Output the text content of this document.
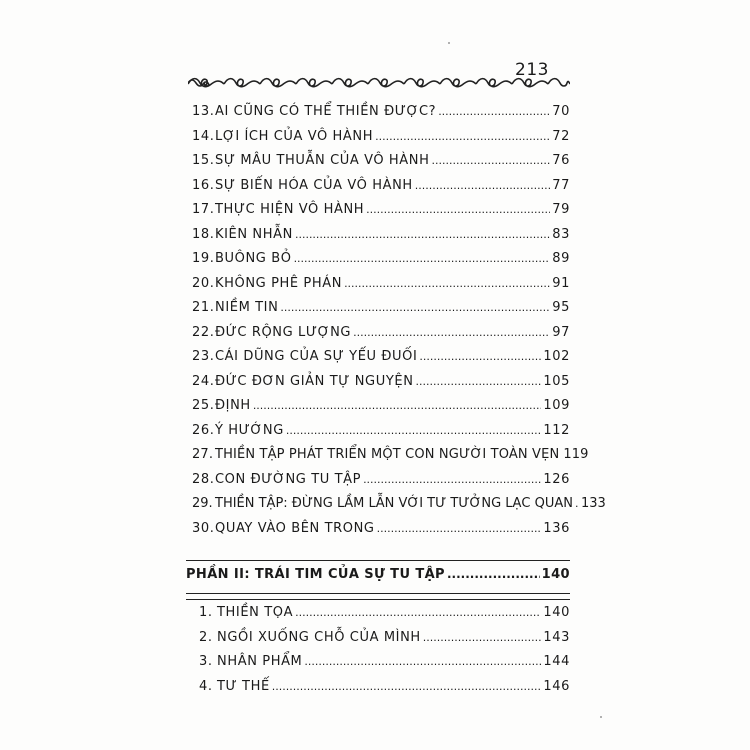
213
13. AI CŨNG CÓ THỂ THIỀN ĐƯỢC? .....	70
14. LỢI ÍCH CỦA VÔ HÀNH .....	72
15. SỰ MÂU THUẪN CỦA VÔ HÀNH .....	76
16. SỰ BIẾN HÓA CỦA VÔ HÀNH .....	77
17. THỰC HIỆN VÔ HÀNH .....	79
18. KIÊN NHẪN .....	83
19. BUÔNG BỎ .....	89
20. KHÔNG PHÊ PHÁN .....	91
21. NIỀM TIN .....	95
22. ĐỨC RỘNG LƯỢNG .....	97
23. CÁI DŨNG CỦA SỰ YẾU ĐUỐI .....	102
24. ĐỨC ĐƠN GIẢN TỰ NGUYỆN .....	105
25. ĐỊNH .....	109
26. Ý HƯỚNG .....	112
27. THIỀN TẬP PHÁT TRIỂN MỘT CON NGƯỜI TOÀN VẸN 119
28. CON ĐƯỜNG TU TẬP .....	126
29. THIỀN TẬP: ĐỪNG LẦM LẪN VỚI TƯ TƯỞNG LẠC QUAN ..... 133
30. QUAY VÀO BÊN TRONG .....	136
PHẦN II: TRÁI TIM CỦA SỰ TU TẬP .....	140
1. THIỀN TỌA .....	140
2. NGỒI XUỐNG CHỖ CỦA MÌNH .....	143
3. NHÂN PHẨM .....	144
4. TƯ THẾ .....	146
